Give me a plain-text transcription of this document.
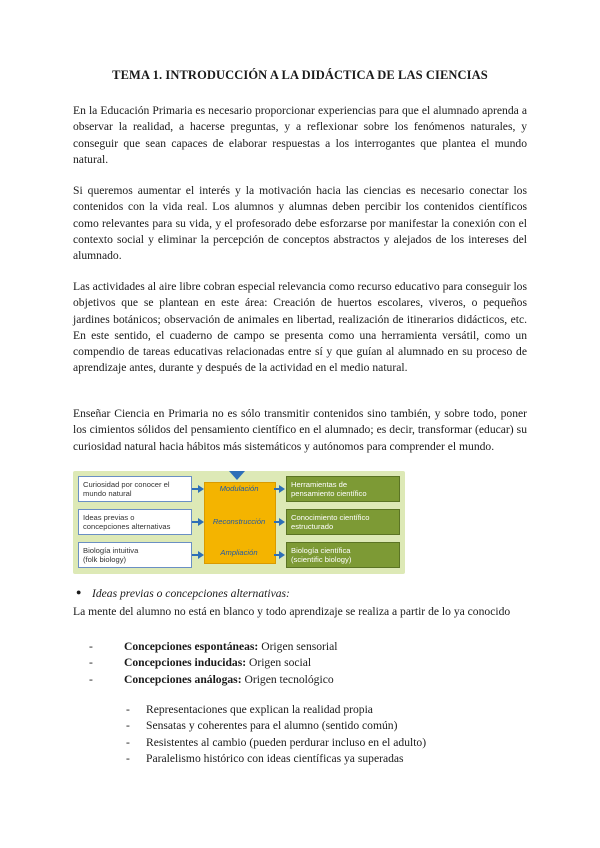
TEMA 1. INTRODUCCIÓN A LA DIDÁCTICA DE LAS CIENCIAS

En la Educación Primaria es necesario proporcionar experiencias para que el alumnado aprenda a observar la realidad, a hacerse preguntas, y a reflexionar sobre los fenómenos naturales, y conseguir que sean capaces de elaborar respuestas a los interrogantes que plantea el mundo natural.

Si queremos aumentar el interés y la motivación hacia las ciencias es necesario conectar los contenidos con la vida real. Los alumnos y alumnas deben percibir los contenidos científicos como relevantes para su vida, y el profesorado debe esforzarse por manifestar la conexión con el contexto social y eliminar la percepción de conceptos abstractos y alejados de los intereses del alumnado.

Las actividades al aire libre cobran especial relevancia como recurso educativo para conseguir los objetivos que se plantean en este área: Creación de huertos escolares, viveros, o pequeños jardines botánicos; observación de animales en libertad, realización de itinerarios didácticos, etc. En este sentido, el cuaderno de campo se presenta como una herramienta versátil, como un compendio de tareas educativas relacionadas entre sí y que guían al alumnado en su proceso de aprendizaje antes, durante y después de la actividad en el medio natural.

Enseñar Ciencia en Primaria no es sólo transmitir contenidos sino también, y sobre todo, poner los cimientos sólidos del pensamiento científico en el alumnado; es decir, transformar (educar) su curiosidad natural hacia hábitos más sistemáticos y autónomos para comprender el mundo.

Curiosidad por conocer el
mundo natural
Ideas previas o
concepciones alternativas
Biología intuitiva
(folk biology)
Modulación
Reconstrucción
Ampliación
Herramientas de
pensamiento científico
Conocimiento científico
estructurado
Biología científica
(scientific biology)
● Ideas previas o concepciones alternativas:

La mente del alumno no está en blanco y todo aprendizaje se realiza a partir de lo ya conocido

-	Concepciones espontáneas: Origen sensorial
-	Concepciones inducidas: Origen social
-	Concepciones análogas: Origen tecnológico
- Representaciones que explican la realidad propia
- Sensatas y coherentes para el alumno (sentido común)
- Resistentes al cambio (pueden perdurar incluso en el adulto)
- Paralelismo histórico con ideas científicas ya superadas
